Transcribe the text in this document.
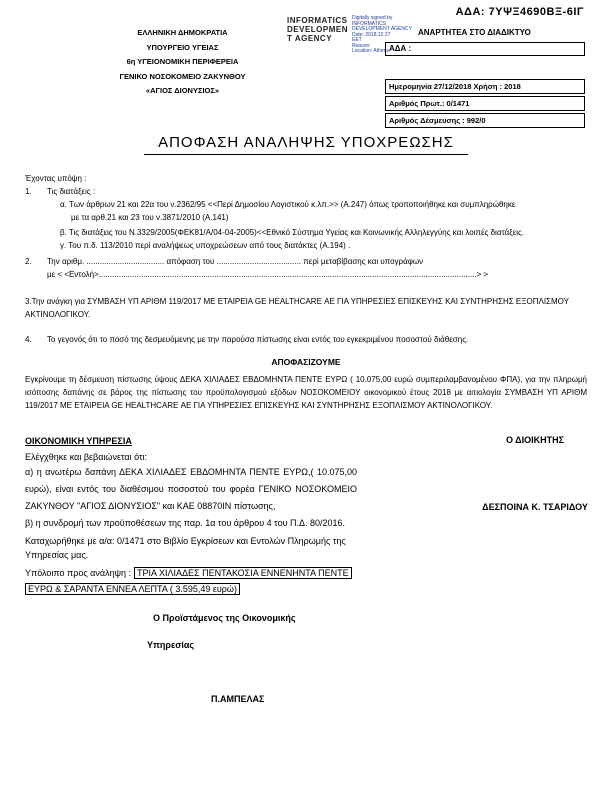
ΑΔΑ: 7ΥΨΞ4690ΒΞ-6ΙΓ
ΕΛΛΗΝΙΚΗ ΔΗΜΟΚΡΑΤΙΑ
ΥΠΟΥΡΓΕΙΟ ΥΓΕΙΑΣ
6η ΥΓΕΙΟΝΟΜΙΚΗ ΠΕΡΙΦΕΡΕΙΑ
ΓΕΝΙΚΟ ΝΟΣΟΚΟΜΕΙΟ ΖΑΚΥΝΘΟΥ
«ΑΓΙΟΣ ΔΙΟΝΥΣΙΟΣ»
INFORMATICS
DEVELOPMEN
T AGENCY
Digitally signed by
INFORMATICS
DEVELOPMENT AGENCY
Date: 2018.12.27
EET
Reason:
Location: Athens
ΑΝΑΡΤΗΤΕΑ ΣΤΟ ΔΙΑΔΙΚΤΥΟ
ΑΔΑ :
Ημερομηνία 27/12/2018 Χρήση : 2018
Αριθμός Πρωτ.: 0/1471
Αριθμός Δέσμευσης : 992/0
ΑΠΟΦΑΣΗ ΑΝΑΛΗΨΗΣ ΥΠΟΧΡΕΩΣΗΣ
Έχοντας υπόψη :
1.	Τις διατάξεις :
α. Των άρθρων 21 και 22α του ν.2362/95 <<Περί Δημοσίου Λογιστικού κ.λπ.>> (Α.247) όπως τροποποιήθηκε και συμπληρώθηκε
με τα αρθ.21 και 23 του ν.3871/2010 (Α.141)
β. Τις διατάξεις του Ν.3329/2005(ΦΕΚ81/Α/04-04-2005)<<Εθνικό Σύστημα Υγείας και Κοινωνικής Αλληλεγγύης και λοιπές διατάξεις.
γ. Του π.δ. 113/2010 περί αναλήψεως υποχρεώσεων από τους διατάκτες (Α.194) .
2.	Την αριθμ. ................................... απόφαση του ...................................... περί μεταβίβασης και υπογράφων
με < <Εντολή>..........................................................................................................................................................................> >

3.Την ανάγκη για ΣΥΜΒΑΣΗ ΥΠ ΑΡΙΘΜ 119/2017 ΜΕ ΕΤΑΙΡΕΙΑ GE HEALTHCARE ΑΕ ΓΙΑ ΥΠΗΡΕΣΙΕΣ ΕΠΙΣΚΕΥΗΣ ΚΑΙ ΣΥΝΤΗΡΗΣΗΣ ΕΞΟΠΛΙΣΜΟΥ ΑΚΤΙΝΟΛΟΓΙΚΟΥ.

4.	Το γεγονός ότι το ποσό της δεσμευόμενης με την παρούσα πίστωσης είναι εντός του εγκεκριμένου ποσοστού διάθεσης.
ΑΠΟΦΑΣΙΖΟΥΜΕ

Εγκρίνουμε τη δέσμευση πίστωσης ύψους ΔΕΚΑ ΧΙΛΙΑΔΕΣ ΕΒΔΟΜΗΝΤΑ ΠΕΝΤΕ ΕΥΡΩ ( 10.075,00 ευρώ συμπεριλαμβανομένου ΦΠΑ), για την πληρωμή ισόποσης δαπάνης σε βάρος της πίστωσης του προϋπολογισμού εξόδων ΝΟΣΟΚΟΜΕΙΟΥ οικονομικού έτους 2018 με αιτιολογία ΣΥΜΒΑΣΗ ΥΠ ΑΡΙΘΜ 119/2017 ΜΕ ΕΤΑΙΡΕΙΑ GE HEALTHCARE ΑΕ ΓΙΑ ΥΠΗΡΕΣΙΕΣ ΕΠΙΣΚΕΥΗΣ ΚΑΙ ΣΥΝΤΗΡΗΣΗΣ ΕΞΟΠΛΙΣΜΟΥ ΑΚΤΙΝΟΛΟΓΙΚΟΥ.

ΟΙΚΟΝΟΜΙΚΗ ΥΠΗΡΕΣΙΑ
Ελέγχθηκε και βεβαιώνεται ότι:

α) η ανωτέρω δαπάνη ΔΕΚΑ ΧΙΛΙΑΔΕΣ ΕΒΔΟΜΗΝΤΑ ΠΕΝΤΕ ΕΥΡΩ,( 10.075,00 ευρώ), είναι εντός του διαθέσιμου ποσοστού του φορέα ΓΕΝΙΚΟ ΝΟΣΟΚΟΜΕΙΟ ΖΑΚΥΝΘΟΥ "ΑΓΙΟΣ ΔΙΟΝΥΣΙΟΣ" και ΚΑΕ 08870ΙΝ πίστωσης,

β) η συνδρομή των προϋποθέσεων της παρ. 1α του άρθρου 4 του Π.Δ. 80/2016.

Καταχωρήθηκε με α/α: 0/1471 στο Βιβλίο Εγκρίσεων και Εντολών Πληρωμής της Υπηρεσίας μας.

Υπόλοιπο προς ανάληψη : ΤΡΙΑ ΧΙΛΙΑΔΕΣ ΠΕΝΤΑΚΟΣΙΑ ΕΝΝΕΝΗΝΤΑ ΠΕΝΤΕ ΕΥΡΩ & ΣΑΡΑΝΤΑ ΕΝΝΕΑ ΛΕΠΤΑ ( 3.595,49 ευρώ)

Ο Προϊστάμενος της Οικονομικής
Υπηρεσίας
Π.ΑΜΠΕΛΑΣ
Ο ΔΙΟΙΚΗΤΗΣ
ΔΕΣΠΟΙΝΑ Κ. ΤΣΑΡΙΔΟΥ
